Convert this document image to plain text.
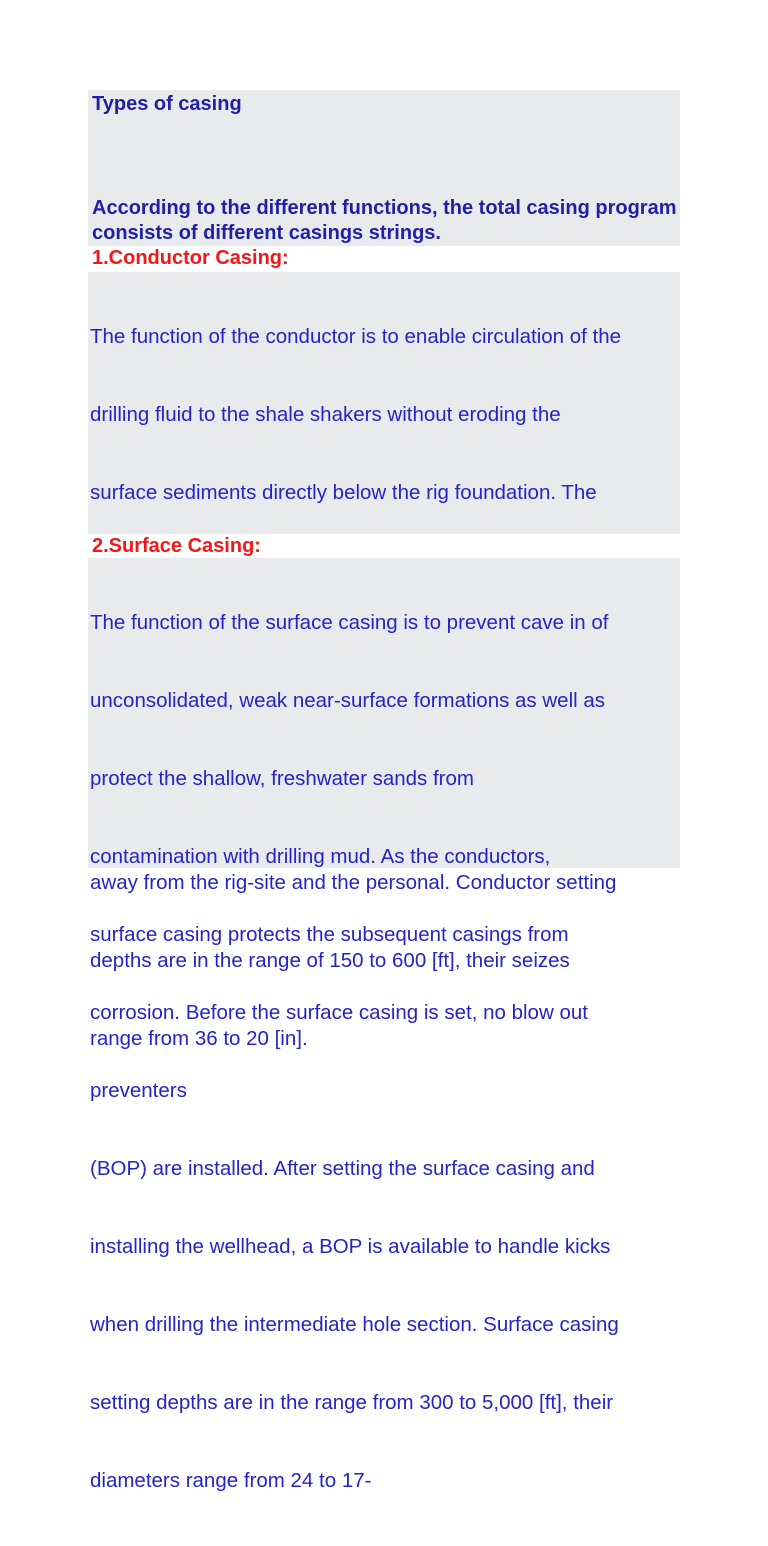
Types of casing

According to the different functions, the total casing program consists of different casings strings.

1.Conductor Casing:

The function of the conductor is to enable circulation of the

drilling fluid to the shale shakers without eroding the

surface sediments directly below the rig foundation. The

away from the rig-site and the personal. Conductor setting

depths are in the range of 150 to 600 [ft], their seizes

range from 36 to 20 [in].

2.Surface Casing:

The function of the surface casing is to prevent cave in of

unconsolidated, weak near-surface formations as well as

protect the shallow, freshwater sands from

contamination with drilling mud. As the conductors,

surface casing protects the subsequent casings from

corrosion. Before the surface casing is set, no blow out

preventers

(BOP) are installed. After setting the surface casing and

installing the wellhead, a BOP is available to handle kicks

when drilling the intermediate hole section. Surface casing

setting depths are in the range from 300 to 5,000 [ft], their

diameters range from 24 to 17-
